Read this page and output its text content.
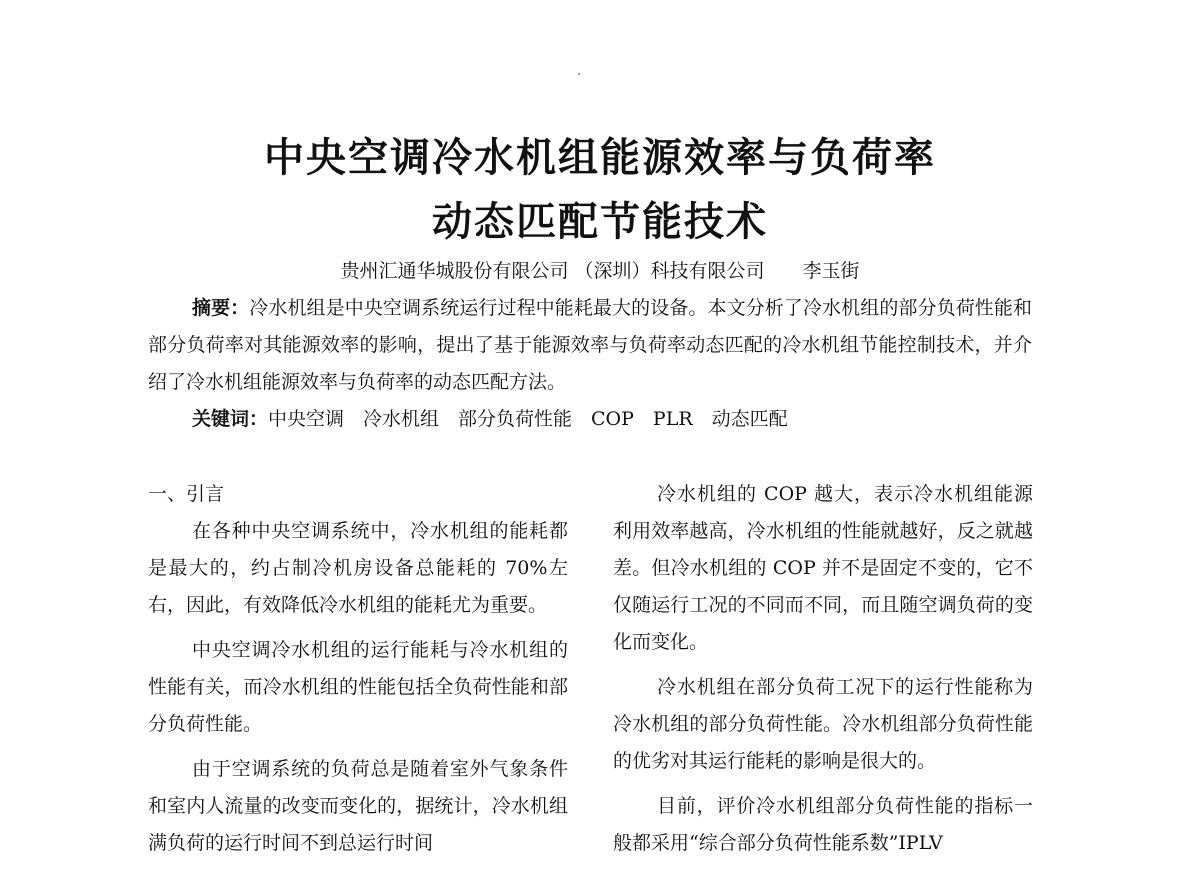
中央空调冷水机组能源效率与负荷率
动态匹配节能技术
贵州汇通华城股份有限公司 （深圳）科技有限公司　　李玉街

摘要：冷水机组是中央空调系统运行过程中能耗最大的设备。本文分析了冷水机组的部分负荷性能和部分负荷率对其能源效率的影响，提出了基于能源效率与负荷率动态匹配的冷水机组节能控制技术，并介绍了冷水机组能源效率与负荷率的动态匹配方法。

关键词：中央空调　冷水机组　部分负荷性能　COP　PLR　动态匹配

一、引言

在各种中央空调系统中，冷水机组的能耗都是最大的，约占制冷机房设备总能耗的 70%左右，因此，有效降低冷水机组的能耗尤为重要。

中央空调冷水机组的运行能耗与冷水机组的性能有关，而冷水机组的性能包括全负荷性能和部分负荷性能。

由于空调系统的负荷总是随着室外气象条件和室内人流量的改变而变化的，据统计，冷水机组满负荷的运行时间不到总运行时间

冷水机组的 COP 越大，表示冷水机组能源利用效率越高，冷水机组的性能就越好，反之就越差。但冷水机组的 COP 并不是固定不变的，它不仅随运行工况的不同而不同，而且随空调负荷的变化而变化。

冷水机组在部分负荷工况下的运行性能称为冷水机组的部分负荷性能。冷水机组部分负荷性能的优劣对其运行能耗的影响是很大的。

目前，评价冷水机组部分负荷性能的指标一般都采用“综合部分负荷性能系数”IPLV
